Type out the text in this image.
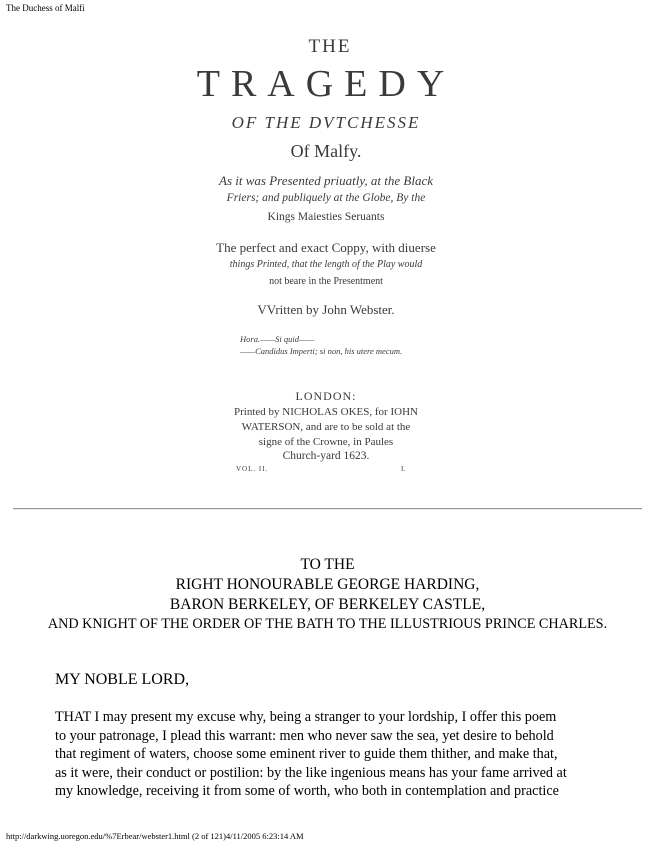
The Duchess of Malfi
THE
TRAGEDY
OF THE DVTCHESSE
Of Malfy.
As it was Presented priuatly, at the Black
Friers; and publiquely at the Globe, By the
Kings Maiesties Seruants
The perfect and exact Coppy, with diuerse
things Printed, that the length of the Play would
not beare in the Presentment
VVritten by John Webster.
Hora.——Si quid——
——Candidus Imperti; si non, his utere mecum.
LONDON:
Printed by NICHOLAS OKES, for IOHN
WATERSON, and are to be sold at the
signe of the Crowne, in Paules
Church-yard 1623.
VOL. II.	I.
TO THE
RIGHT HONOURABLE GEORGE HARDING,
BARON BERKELEY, OF BERKELEY CASTLE,
AND KNIGHT OF THE ORDER OF THE BATH TO THE ILLUSTRIOUS PRINCE CHARLES.
MY NOBLE LORD,
THAT I may present my excuse why, being a stranger to your lordship, I offer this poem
to your patronage, I plead this warrant: men who never saw the sea, yet desire to behold
that regiment of waters, choose some eminent river to guide them thither, and make that,
as it were, their conduct or postilion: by the like ingenious means has your fame arrived at
my knowledge, receiving it from some of worth, who both in contemplation and practice
http://darkwing.uoregon.edu/%7Erbear/webster1.html (2 of 121)4/11/2005 6:23:14 AM
